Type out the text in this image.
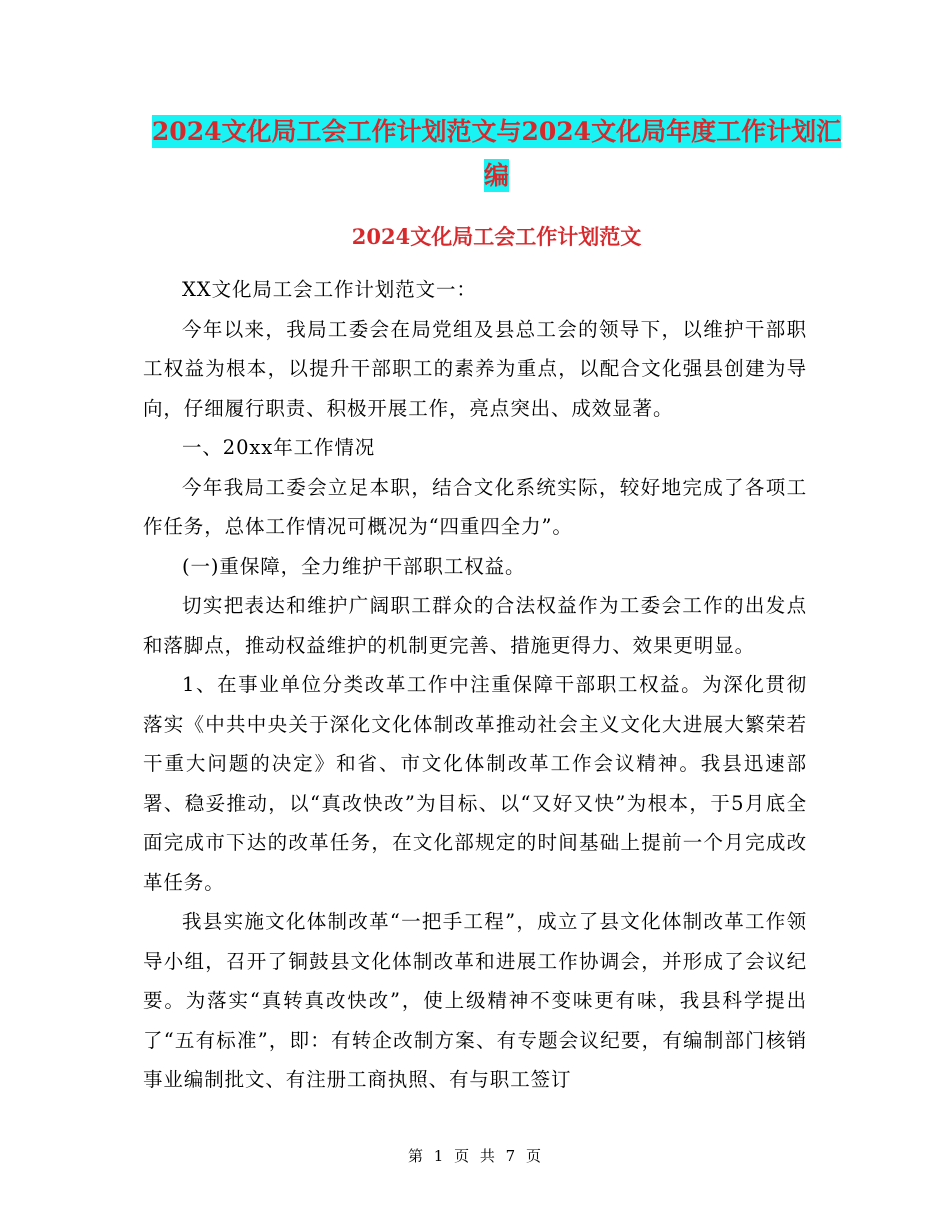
2024文化局工会工作计划范文与2024文化局年度工作计划汇编
2024文化局工会工作计划范文

XX文化局工会工作计划范文一：

今年以来，我局工委会在局党组及县总工会的领导下，以维护干部职工权益为根本，以提升干部职工的素养为重点，以配合文化强县创建为导向，仔细履行职责、积极开展工作，亮点突出、成效显著。

一、20xx年工作情况

今年我局工委会立足本职，结合文化系统实际，较好地完成了各项工作任务，总体工作情况可概况为“四重四全力”。

(一)重保障，全力维护干部职工权益。

切实把表达和维护广阔职工群众的合法权益作为工委会工作的出发点和落脚点，推动权益维护的机制更完善、措施更得力、效果更明显。

1、在事业单位分类改革工作中注重保障干部职工权益。为深化贯彻落实《中共中央关于深化文化体制改革推动社会主义文化大进展大繁荣若干重大问题的决定》和省、市文化体制改革工作会议精神。我县迅速部署、稳妥推动，以“真改快改”为目标、以“又好又快”为根本，于5月底全面完成市下达的改革任务，在文化部规定的时间基础上提前一个月完成改革任务。

我县实施文化体制改革“一把手工程”，成立了县文化体制改革工作领导小组，召开了铜鼓县文化体制改革和进展工作协调会，并形成了会议纪要。为落实“真转真改快改”，使上级精神不变味更有味，我县科学提出了“五有标准”，即：有转企改制方案、有专题会议纪要，有编制部门核销事业编制批文、有注册工商执照、有与职工签订

第 1 页 共 7 页
